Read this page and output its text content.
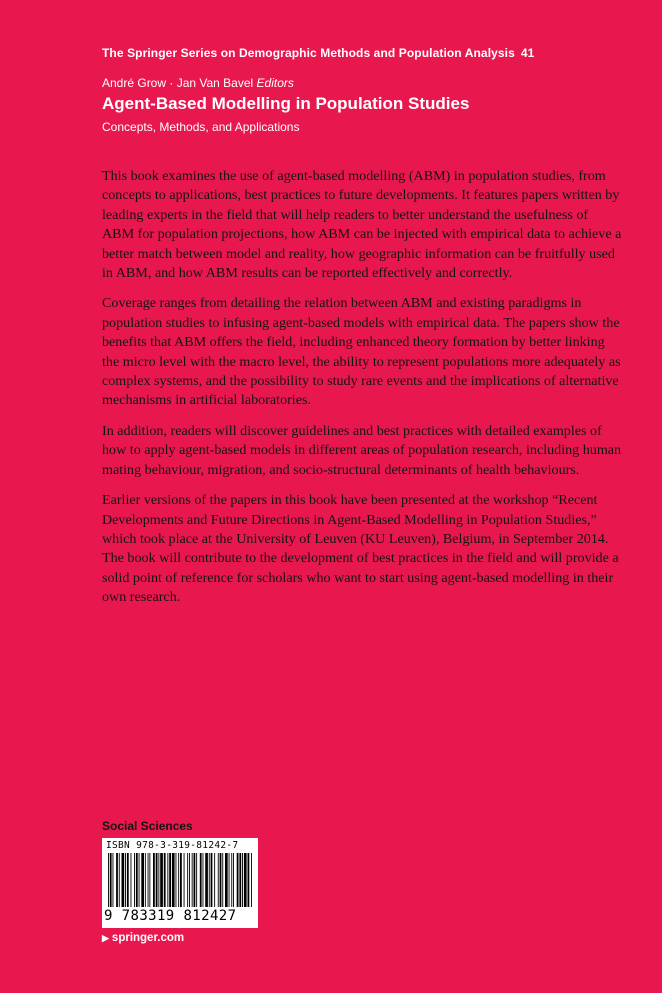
The Springer Series on Demographic Methods and Population Analysis 41
André Grow · Jan Van Bavel Editors
Agent-Based Modelling in Population Studies
Concepts, Methods, and Applications

This book examines the use of agent-based modelling (ABM) in population studies, from concepts to applications, best practices to future developments. It features papers written by leading experts in the field that will help readers to better understand the usefulness of ABM for population projections, how ABM can be injected with empirical data to achieve a better match between model and reality, how geographic information can be fruitfully used in ABM, and how ABM results can be reported effectively and correctly.

Coverage ranges from detailing the relation between ABM and existing paradigms in population studies to infusing agent-based models with empirical data. The papers show the benefits that ABM offers the field, including enhanced theory formation by better linking the micro level with the macro level, the ability to represent populations more adequately as complex systems, and the possibility to study rare events and the implications of alternative mechanisms in artificial laboratories.

In addition, readers will discover guidelines and best practices with detailed examples of how to apply agent-based models in different areas of population research, including human mating behaviour, migration, and socio-structural determinants of health behaviours.

Earlier versions of the papers in this book have been presented at the workshop “Recent Developments and Future Directions in Agent-Based Modelling in Population Studies,” which took place at the University of Leuven (KU Leuven), Belgium, in September 2014. The book will contribute to the development of best practices in the field and will provide a solid point of reference for scholars who want to start using agent-based modelling in their own research.

Social Sciences
ISBN 978-3-319-81242-7
9 783319 812427
▶ springer.com
